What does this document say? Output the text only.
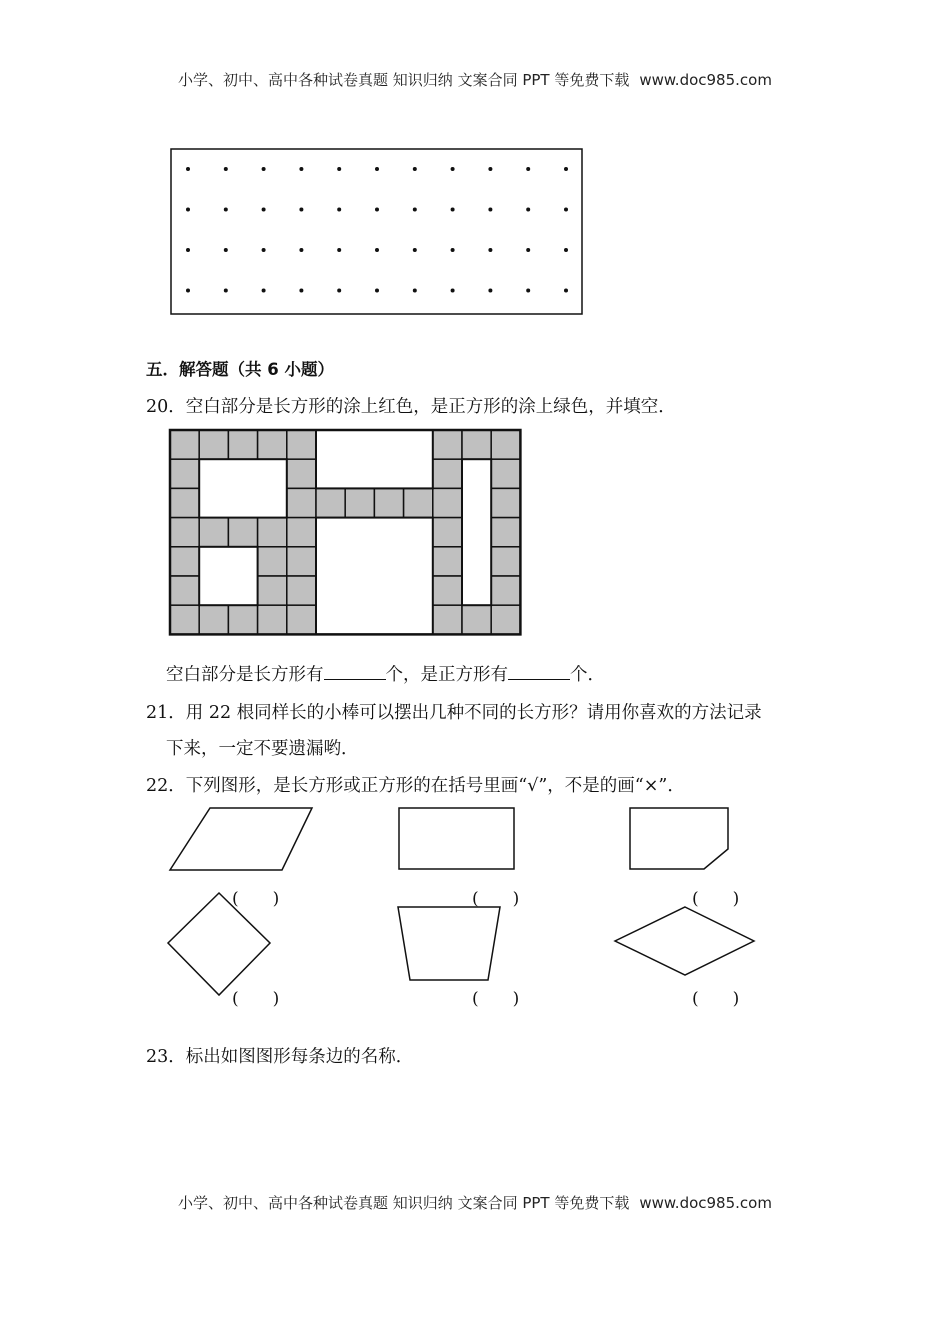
小学、初中、高中各种试卷真题 知识归纳 文案合同 PPT 等免费下载 www.doc985.com
五．解答题（共 6 小题）
20．空白部分是长方形的涂上红色，是正方形的涂上绿色，并填空．
空白部分是长方形有	个，是正方形有	个．
21．用 22 根同样长的小棒可以摆出几种不同的长方形？请用你喜欢的方法记录
下来，一定不要遗漏哟．
22．下列图形，是长方形或正方形的在括号里画“√”，不是的画“×”．
(　　)	(　　)	(　　)
(　　)	(　　)	(　　)
23．标出如图图形每条边的名称．
小学、初中、高中各种试卷真题 知识归纳 文案合同 PPT 等免费下载 www.doc985.com
